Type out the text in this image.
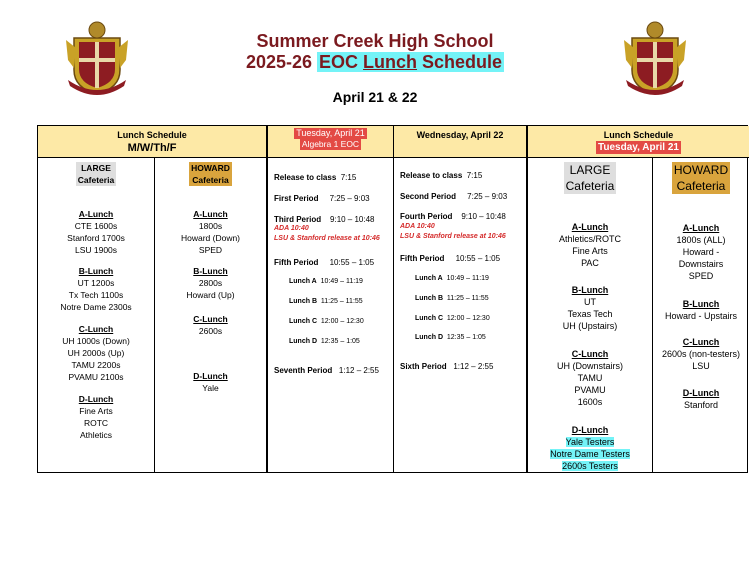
Summer Creek High School
2025-26 EOC Lunch Schedule
April 21 & 22
Lunch Schedule
M/W/Th/F
Tuesday, April 21
Algebra 1 EOC
Wednesday, April 22	Lunch Schedule
Tuesday, April 21
LARGE
Cafeteria
HOWARD
Cafeteria
A-Lunch
CTE 1600s
Stanford 1700s
LSU 1900s
B-Lunch
UT 1200s
Tx Tech 1100s
Notre Dame 2300s
C-Lunch
UH 1000s (Down)
UH 2000s (Up)
TAMU 2200s
PVAMU 2100s
D-Lunch
Fine Arts
ROTC
Athletics
A-Lunch
1800s
Howard (Down)
SPED
B-Lunch
2800s
Howard (Up)
C-Lunch
2600s
D-Lunch
Yale
Release to class 7:15
First Period 7:25 – 9:03
Third Period 9:10 – 10:48
ADA 10:40
LSU & Stanford release at 10:46
Fifth Period 10:55 – 1:05
Lunch A 10:49 – 11:19
Lunch B 11:25 – 11:55
Lunch C 12:00 – 12:30
Lunch D 12:35 – 1:05
Seventh Period 1:12 – 2:55
Release to class 7:15
Second Period 7:25 – 9:03
Fourth Period 9:10 – 10:48
ADA 10:40
LSU & Stanford release at 10:46
Fifth Period 10:55 – 1:05
Lunch A 10:49 – 11:19
Lunch B 11:25 – 11:55
Lunch C 12:00 – 12:30
Lunch D 12:35 – 1:05
Sixth Period 1:12 – 2:55
LARGE
Cafeteria
HOWARD
Cafeteria
A-Lunch
Athletics/ROTC
Fine Arts
PAC
B-Lunch
UT
Texas Tech
UH (Upstairs)
C-Lunch
UH (Downstairs)
TAMU
PVAMU
1600s
D-Lunch
Yale Testers
Notre Dame Testers
2600s Testers
A-Lunch
1800s (ALL)
Howard -
Downstairs
SPED
B-Lunch
Howard - Upstairs
C-Lunch
2600s (non-testers)
LSU
D-Lunch
Stanford
